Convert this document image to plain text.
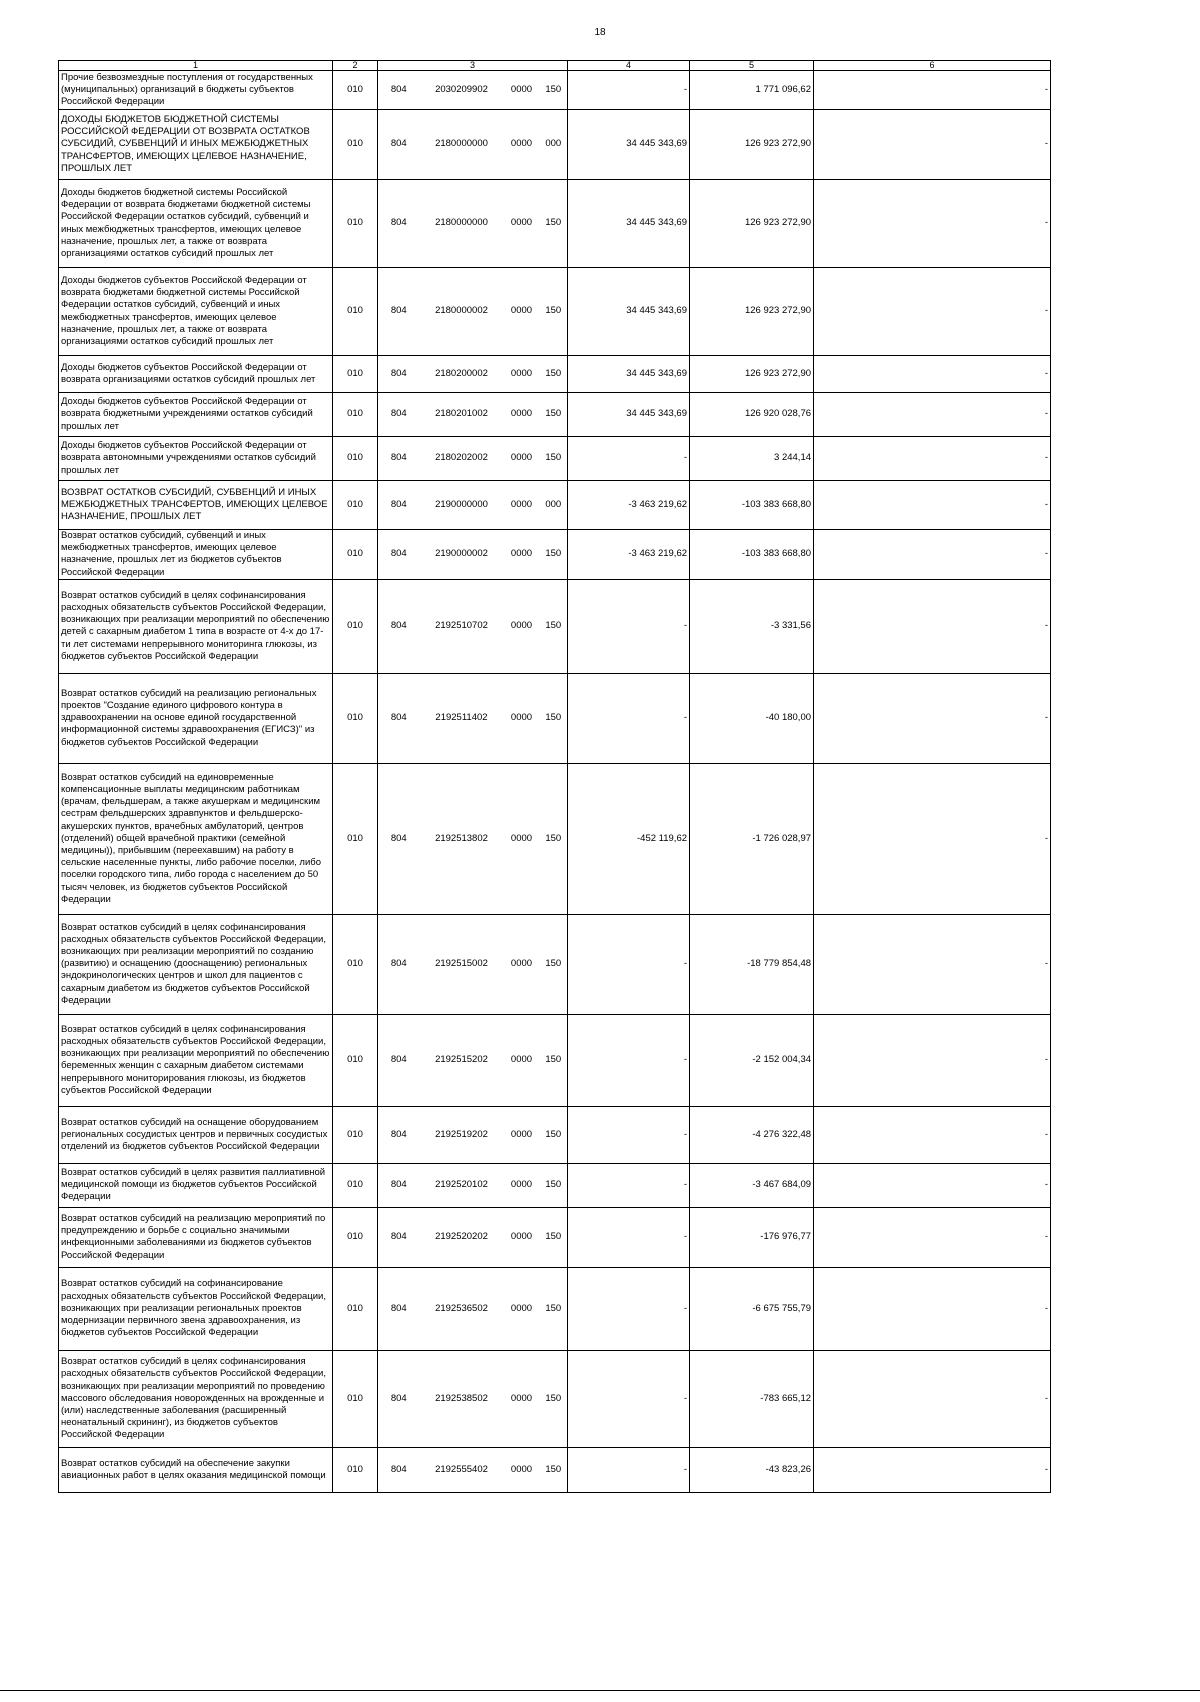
18
1	2	3				4	5	6
Прочие безвозмездные поступления от государственных (муниципальных) организаций в бюджеты субъектов Российской Федерации	010	804	2030209902	0000	150	-	1 771 096,62	-
ДОХОДЫ БЮДЖЕТОВ БЮДЖЕТНОЙ СИСТЕМЫ РОССИЙСКОЙ ФЕДЕРАЦИИ ОТ ВОЗВРАТА ОСТАТКОВ СУБСИДИЙ, СУБВЕНЦИЙ И ИНЫХ МЕЖБЮДЖЕТНЫХ ТРАНСФЕРТОВ, ИМЕЮЩИХ ЦЕЛЕВОЕ НАЗНАЧЕНИЕ, ПРОШЛЫХ ЛЕТ	010	804	2180000000	0000	000	34 445 343,69	126 923 272,90	-
Доходы бюджетов бюджетной системы Российской Федерации от возврата бюджетами бюджетной системы Российской Федерации остатков субсидий, субвенций и иных межбюджетных трансфертов, имеющих целевое назначение, прошлых лет, а также от возврата организациями остатков субсидий прошлых лет	010	804	2180000000	0000	150	34 445 343,69	126 923 272,90	-
Доходы бюджетов субъектов Российской Федерации от возврата бюджетами бюджетной системы Российской Федерации остатков субсидий, субвенций и иных межбюджетных трансфертов, имеющих целевое назначение, прошлых лет, а также от возврата организациями остатков субсидий прошлых лет	010	804	2180000002	0000	150	34 445 343,69	126 923 272,90	-
Доходы бюджетов субъектов Российской Федерации от возврата организациями остатков субсидий прошлых лет	010	804	2180200002	0000	150	34 445 343,69	126 923 272,90	-
Доходы бюджетов субъектов Российской Федерации от возврата бюджетными учреждениями остатков субсидий прошлых лет	010	804	2180201002	0000	150	34 445 343,69	126 920 028,76	-
Доходы бюджетов субъектов Российской Федерации от возврата автономными учреждениями остатков субсидий прошлых лет	010	804	2180202002	0000	150	-	3 244,14	-
ВОЗВРАТ ОСТАТКОВ СУБСИДИЙ, СУБВЕНЦИЙ И ИНЫХ МЕЖБЮДЖЕТНЫХ ТРАНСФЕРТОВ, ИМЕЮЩИХ ЦЕЛЕВОЕ НАЗНАЧЕНИЕ, ПРОШЛЫХ ЛЕТ	010	804	2190000000	0000	000	-3 463 219,62	-103 383 668,80	-
Возврат остатков субсидий, субвенций и иных межбюджетных трансфертов, имеющих целевое назначение, прошлых лет из бюджетов субъектов Российской Федерации	010	804	2190000002	0000	150	-3 463 219,62	-103 383 668,80	-
Возврат остатков субсидий в целях софинансирования расходных обязательств субъектов Российской Федерации, возникающих при реализации мероприятий по обеспечению детей с сахарным диабетом 1 типа в возрасте от 4-х до 17-ти лет системами непрерывного мониторинга глюкозы, из бюджетов субъектов Российской Федерации	010	804	2192510702	0000	150	-	-3 331,56	-
Возврат остатков субсидий на реализацию региональных проектов "Создание единого цифрового контура в здравоохранении на основе единой государственной информационной системы здравоохранения (ЕГИСЗ)" из бюджетов субъектов Российской Федерации	010	804	2192511402	0000	150	-	-40 180,00	-
Возврат остатков субсидий на единовременные компенсационные выплаты медицинским работникам (врачам, фельдшерам, а также акушеркам и медицинским сестрам фельдшерских здравпунктов и фельдшерско-акушерских пунктов, врачебных амбулаторий, центров (отделений) общей врачебной практики (семейной медицины)), прибывшим (переехавшим) на работу в сельские населенные пункты, либо рабочие поселки, либо поселки городского типа, либо города с населением до 50 тысяч человек, из бюджетов субъектов Российской Федерации	010	804	2192513802	0000	150	-452 119,62	-1 726 028,97	-
Возврат остатков субсидий в целях софинансирования расходных обязательств субъектов Российской Федерации, возникающих при реализации мероприятий по созданию (развитию) и оснащению (дооснащению) региональных эндокринологических центров и школ для пациентов с сахарным диабетом из бюджетов субъектов Российской Федерации	010	804	2192515002	0000	150	-	-18 779 854,48	-
Возврат остатков субсидий в целях софинансирования расходных обязательств субъектов Российской Федерации, возникающих при реализации мероприятий по обеспечению беременных женщин с сахарным диабетом системами непрерывного мониторирования глюкозы, из бюджетов субъектов Российской Федерации	010	804	2192515202	0000	150	-	-2 152 004,34	-
Возврат остатков субсидий на оснащение оборудованием региональных сосудистых центров и первичных сосудистых отделений из бюджетов субъектов Российской Федерации	010	804	2192519202	0000	150	-	-4 276 322,48	-
Возврат остатков субсидий в целях развития паллиативной медицинской помощи из бюджетов субъектов Российской Федерации	010	804	2192520102	0000	150	-	-3 467 684,09	-
Возврат остатков субсидий на реализацию мероприятий по предупреждению и борьбе с социально значимыми инфекционными заболеваниями из бюджетов субъектов Российской Федерации	010	804	2192520202	0000	150	-	-176 976,77	-
Возврат остатков субсидий на софинансирование расходных обязательств субъектов Российской Федерации, возникающих при реализации региональных проектов модернизации первичного звена здравоохранения, из бюджетов субъектов Российской Федерации	010	804	2192536502	0000	150	-	-6 675 755,79	-
Возврат остатков субсидий в целях софинансирования расходных обязательств субъектов Российской Федерации, возникающих при реализации мероприятий по проведению массового обследования новорожденных на врожденные и (или) наследственные заболевания (расширенный неонатальный скрининг), из бюджетов субъектов Российской Федерации	010	804	2192538502	0000	150	-	-783 665,12	-
Возврат остатков субсидий на обеспечение закупки авиационных работ в целях оказания медицинской помощи	010	804	2192555402	0000	150	-	-43 823,26	-
